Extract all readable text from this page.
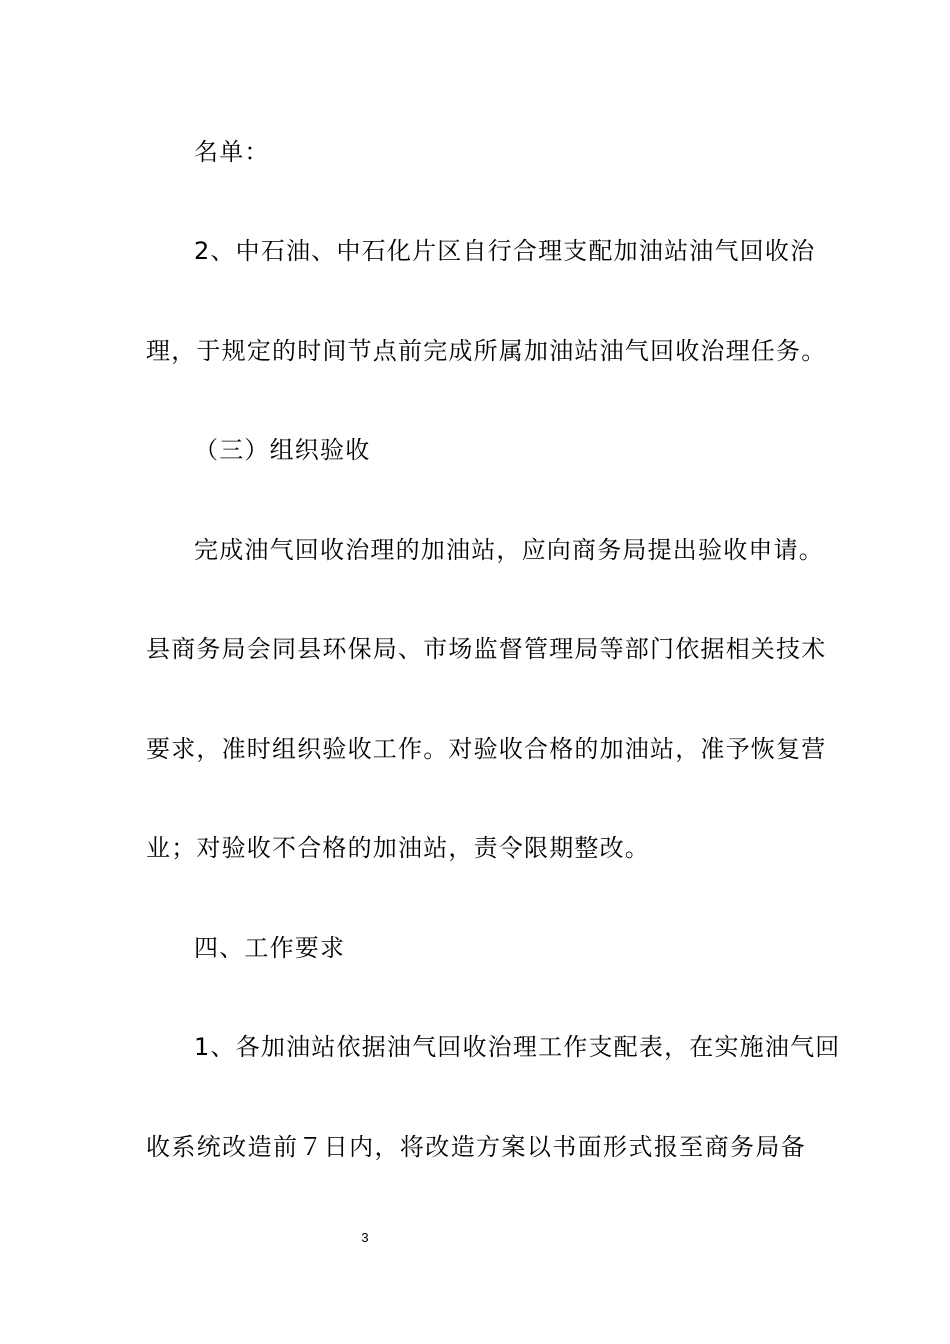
名单：
2、中石油、中石化片区自行合理支配加油站油气回收治
理，于规定的时间节点前完成所属加油站油气回收治理任务。
（三）组织验收
完成油气回收治理的加油站，应向商务局提出验收申请。
县商务局会同县环保局、市场监督管理局等部门依据相关技术
要求，准时组织验收工作。对验收合格的加油站，准予恢复营
业；对验收不合格的加油站，责令限期整改。
四、工作要求
1、各加油站依据油气回收治理工作支配表，在实施油气回
收系统改造前７日内，将改造方案以书面形式报至商务局备
3
